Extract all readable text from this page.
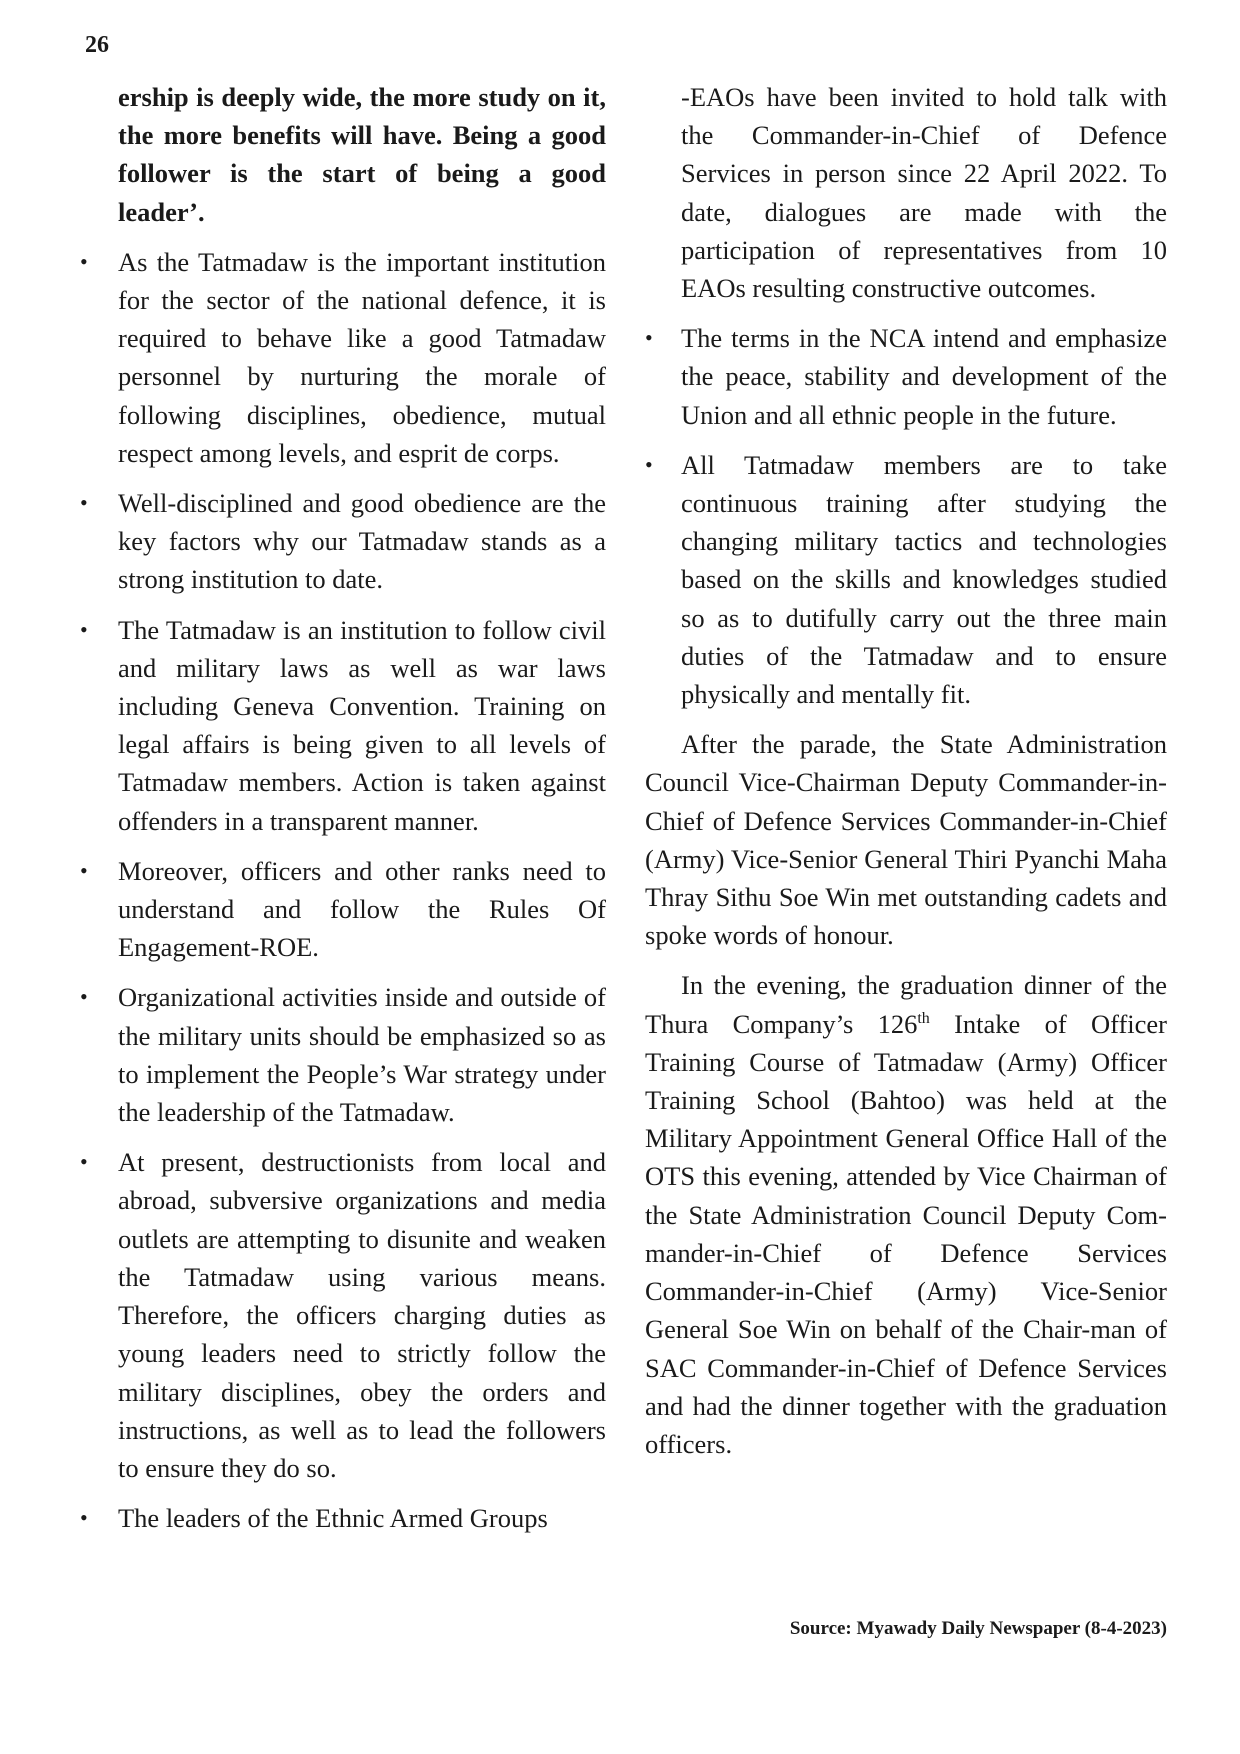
26

ership is deeply wide, the more study on it, the more benefits will have. Being a good follower is the start of being a good leader’.

•	As the Tatmadaw is the important institution for the sector of the national defence, it is required to behave like a good Tatmadaw personnel by nurturing the morale of following disciplines, obedience, mutual respect among levels, and esprit de corps.

•	Well-disciplined and good obedience are the key factors why our Tatmadaw stands as a strong institution to date.

•	The Tatmadaw is an institution to follow civil and military laws as well as war laws including Geneva Convention. Training on legal affairs is being given to all levels of Tatmadaw members. Action is taken against offenders in a transparent manner.

•	Moreover, officers and other ranks need to understand and follow the Rules Of Engagement-ROE.

•	Organizational activities inside and outside of the military units should be emphasized so as to implement the People’s War strategy under the leadership of the Tatmadaw.

•	At present, destructionists from local and abroad, subversive organizations and media outlets are attempting to disunite and weaken the Tatmadaw using various means. Therefore, the officers charging duties as young leaders need to strictly follow the military disciplines, obey the orders and instructions, as well as to lead the followers to ensure they do so.

•	The leaders of the Ethnic Armed Groups

-EAOs have been invited to hold talk with the Commander-in-Chief of Defence Services in person since 22 April 2022. To date, dialogues are made with the participation of representatives from 10 EAOs resulting constructive outcomes.

•	The terms in the NCA intend and emphasize the peace, stability and development of the Union and all ethnic people in the future.

•	All Tatmadaw members are to take continuous training after studying the changing military tactics and technologies based on the skills and knowledges studied so as to dutifully carry out the three main duties of the Tatmadaw and to ensure physically and mentally fit.

After the parade, the State Administration Council Vice-Chairman Deputy Commander-in-Chief of Defence Services Commander-in-Chief (Army) Vice-Senior General Thiri Pyanchi Maha Thray Sithu Soe Win met outstanding cadets and spoke words of honour.

In the evening, the graduation dinner of the Thura Company’s 126th Intake of Officer Training Course of Tatmadaw (Army) Officer Training School (Bahtoo) was held at the Military Appointment General Office Hall of the OTS this evening, attended by Vice Chairman of the State Administration Council Deputy Com-mander-in-Chief of Defence Services Commander-in-Chief (Army) Vice-Senior General Soe Win on behalf of the Chair-man of SAC Commander-in-Chief of Defence Services and had the dinner together with the graduation officers.

Source: Myawady Daily Newspaper (8-4-2023)
